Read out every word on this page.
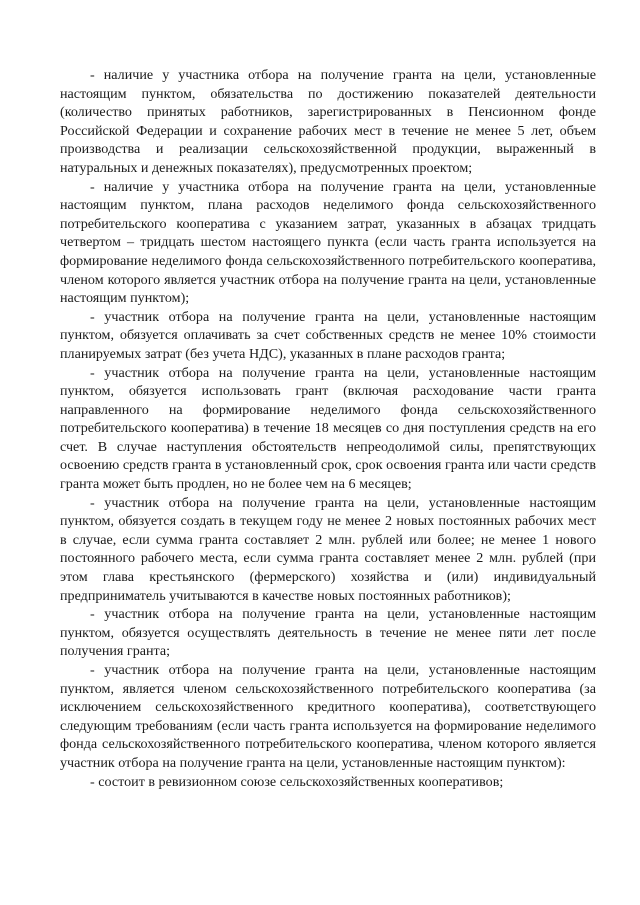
- наличие у участника отбора на получение гранта на цели, установленные настоящим пунктом, обязательства по достижению показателей деятельности (количество принятых работников, зарегистрированных в Пенсионном фонде Российской Федерации и сохранение рабочих мест в течение не менее 5 лет, объем производства и реализации сельскохозяйственной продукции, выраженный в натуральных и денежных показателях), предусмотренных проектом;

- наличие у участника отбора на получение гранта на цели, установленные настоящим пунктом, плана расходов неделимого фонда сельскохозяйственного потребительского кооператива с указанием затрат, указанных в абзацах тридцать четвертом – тридцать шестом настоящего пункта (если часть гранта используется на формирование неделимого фонда сельскохозяйственного потребительского кооператива, членом которого является участник отбора на получение гранта на цели, установленные настоящим пунктом);

- участник отбора на получение гранта на цели, установленные настоящим пунктом, обязуется оплачивать за счет собственных средств не менее 10% стоимости планируемых затрат (без учета НДС), указанных в плане расходов гранта;

- участник отбора на получение гранта на цели, установленные настоящим пунктом, обязуется использовать грант (включая расходование части гранта направленного на формирование неделимого фонда сельскохозяйственного потребительского кооператива) в течение 18 месяцев со дня поступления средств на его счет. В случае наступления обстоятельств непреодолимой силы, препятствующих освоению средств гранта в установленный срок, срок освоения гранта или части средств гранта может быть продлен, но не более чем на 6 месяцев;

- участник отбора на получение гранта на цели, установленные настоящим пунктом, обязуется создать в текущем году не менее 2 новых постоянных рабочих мест в случае, если сумма гранта составляет 2 млн. рублей или более; не менее 1 нового постоянного рабочего места, если сумма гранта составляет менее 2 млн. рублей (при этом глава крестьянского (фермерского) хозяйства и (или) индивидуальный предприниматель учитываются в качестве новых постоянных работников);

- участник отбора на получение гранта на цели, установленные настоящим пунктом, обязуется осуществлять деятельность в течение не менее пяти лет после получения гранта;

- участник отбора на получение гранта на цели, установленные настоящим пунктом, является членом сельскохозяйственного потребительского кооператива (за исключением сельскохозяйственного кредитного кооператива), соответствующего следующим требованиям (если часть гранта используется на формирование неделимого фонда сельскохозяйственного потребительского кооператива, членом которого является участник отбора на получение гранта на цели, установленные настоящим пунктом):

- состоит в ревизионном союзе сельскохозяйственных кооперативов;
